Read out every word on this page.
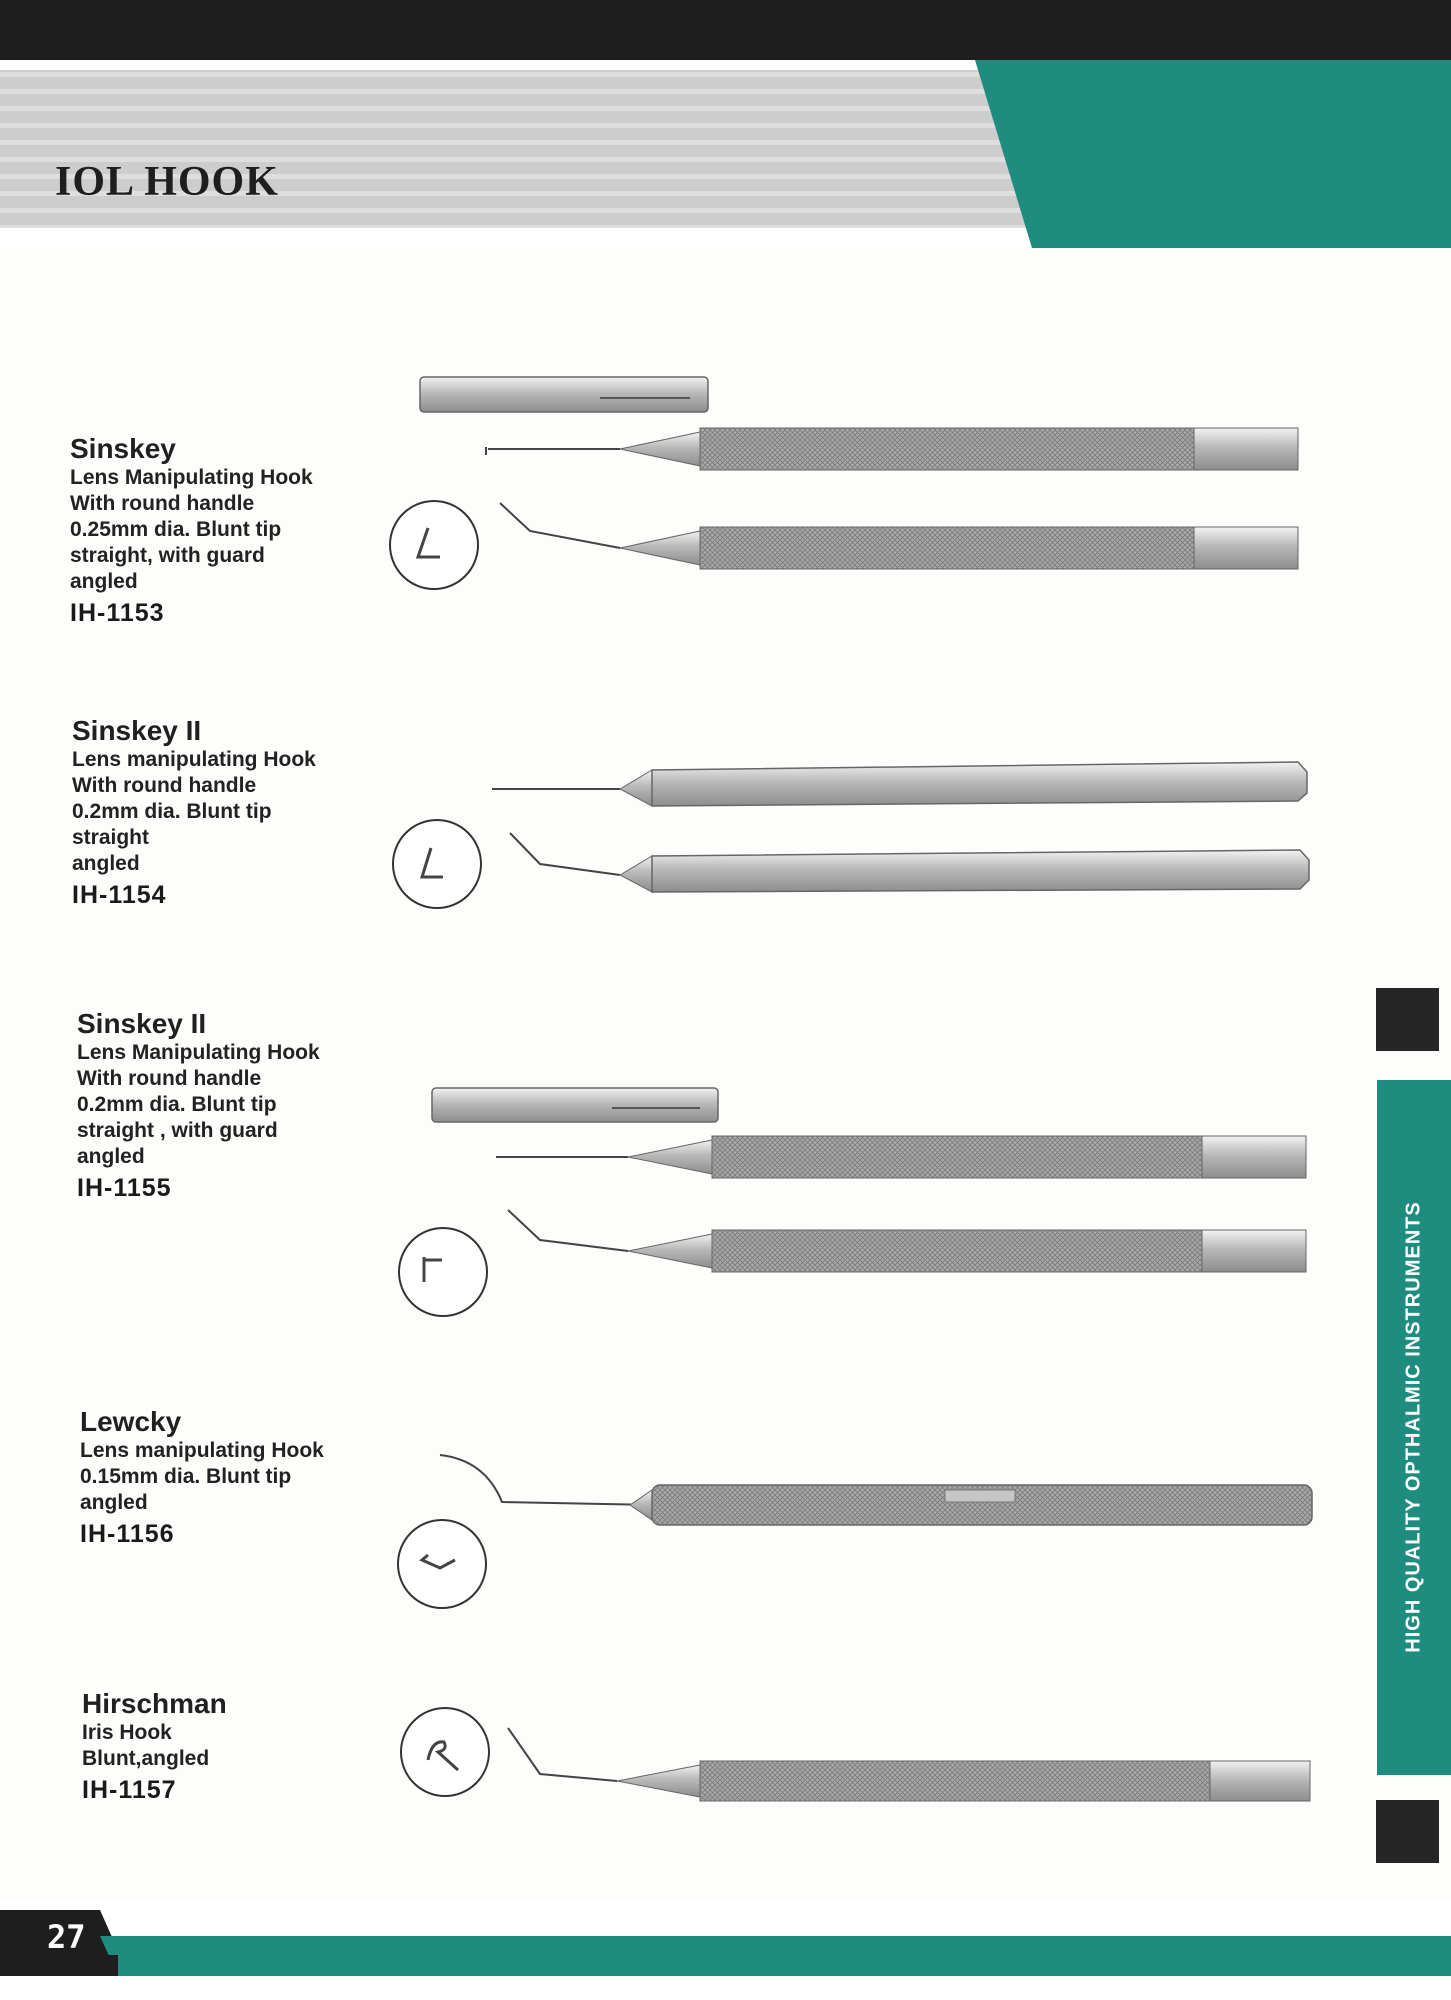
IOL HOOK
Sinskey
Lens Manipulating Hook
With round handle
0.25mm dia. Blunt tip
straight, with guard
angled
IH-1153
Sinskey II
Lens manipulating Hook
With round handle
0.2mm dia. Blunt tip
straight
angled
IH-1154
Sinskey II
Lens Manipulating Hook
With round handle
0.2mm dia. Blunt tip
straight , with guard
angled
IH-1155
Lewcky
Lens manipulating Hook
0.15mm dia. Blunt tip
angled
IH-1156
Hirschman
Iris Hook
Blunt,angled
IH-1157
HIGH QUALITY OPTHALMIC INSTRUMENTS
27
